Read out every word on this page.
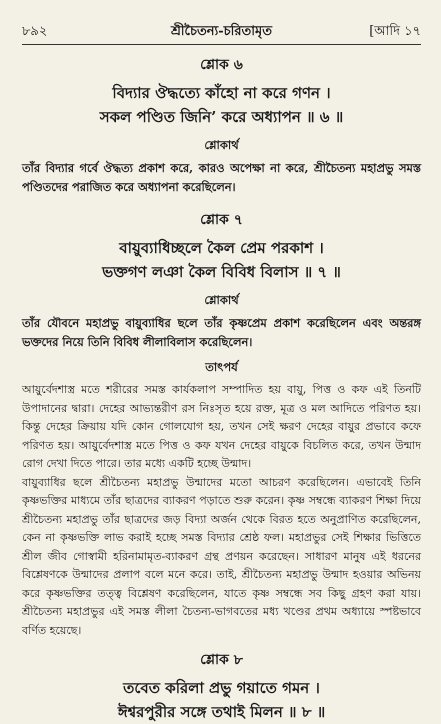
৮৯২	শ্রীচৈতন্য-চরিতামৃত	[আদি ১৭
শ্লোক ৬
বিদ্যার ঔদ্ধত্যে কাঁহো না করে গণন ।
সকল পণ্ডিত জিনি’ করে অধ্যাপন ॥ ৬ ॥
শ্লোকার্থ
তাঁর বিদ্যার গর্বে ঔদ্ধত্য প্রকাশ করে, কারও অপেক্ষা না করে, শ্রীচৈতন্য মহাপ্রভু সমস্ত পণ্ডিতদের পরাজিত করে অধ্যাপনা করেছিলেন।
শ্লোক ৭
বায়ুব্যাধিচ্ছলে কৈল প্রেম পরকাশ ।
ভক্তগণ লঞা কৈল বিবিধ বিলাস ॥ ৭ ॥
শ্লোকার্থ
তাঁর যৌবনে মহাপ্রভু বায়ুব্যাধির ছলে তাঁর কৃষ্ণপ্রেম প্রকাশ করেছিলেন এবং অন্তরঙ্গ ভক্তদের নিয়ে তিনি বিবিধ লীলাবিলাস করেছিলেন।
তাৎপর্য
আয়ুর্বেদশাস্ত্র মতে শরীরের সমস্ত কার্যকলাপ সম্পাদিত হয় বায়ু, পিত্ত ও কফ এই তিনটি উপাদানের দ্বারা। দেহের আভ্যন্তরীণ রস নিঃসৃত হয়ে রক্ত, মূত্র ও মল আদিতে পরিণত হয়। কিন্তু দেহের ক্রিয়ায় যদি কোন গোলযোগ হয়, তখন সেই ক্ষরণ দেহের বায়ুর প্রভাবে কফে পরিণত হয়। আয়ুর্বেদশাস্ত্র মতে পিত্ত ও কফ যখন দেহের বায়ুকে বিচলিত করে, তখন উন্মাদ রোগ দেখা দিতে পারে। তার মধ্যে একটি হচ্ছে উন্মাদ।
বায়ুব্যাধির ছলে শ্রীচৈতন্য মহাপ্রভু উন্মাদের মতো আচরণ করেছিলেন। এভাবেই তিনি কৃষ্ণভক্তির মাধ্যমে তাঁর ছাত্রদের ব্যাকরণ পড়াতে শুরু করেন। কৃষ্ণ সম্বন্ধে ব্যাকরণ শিক্ষা দিয়ে শ্রীচৈতন্য মহাপ্রভু তাঁর ছাত্রদের জড় বিদ্যা অর্জন থেকে বিরত হতে অনুপ্রাণিত করেছিলেন, কেন না কৃষ্ণভক্তি লাভ করাই হচ্ছে সমস্ত বিদ্যার শ্রেষ্ঠ ফল। মহাপ্রভুর সেই শিক্ষার ভিত্তিতে শ্রীল জীব গোস্বামী হরিনামামৃত-ব্যাকরণ গ্রন্থ প্রণয়ন করেছেন। সাধারণ মানুষ এই ধরনের বিশ্লেষণকে উন্মাদের প্রলাপ বলে মনে করে। তাই, শ্রীচৈতন্য মহাপ্রভু উন্মাদ হওয়ার অভিনয় করে কৃষ্ণভক্তির তত্ত্ব বিশ্লেষণ করেছিলেন, যাতে কৃষ্ণ সম্বন্ধে সব কিছু গ্রহণ করা যায়। শ্রীচৈতন্য মহাপ্রভুর এই সমস্ত লীলা চৈতন্য-ভাগবতের মধ্য খণ্ডের প্রথম অধ্যায়ে স্পষ্টভাবে বর্ণিত হয়েছে।
শ্লোক ৮
তবেত করিলা প্রভু গয়াতে গমন ।
ঈশ্বরপুরীর সঙ্গে তথাই মিলন ॥ ৮ ॥
